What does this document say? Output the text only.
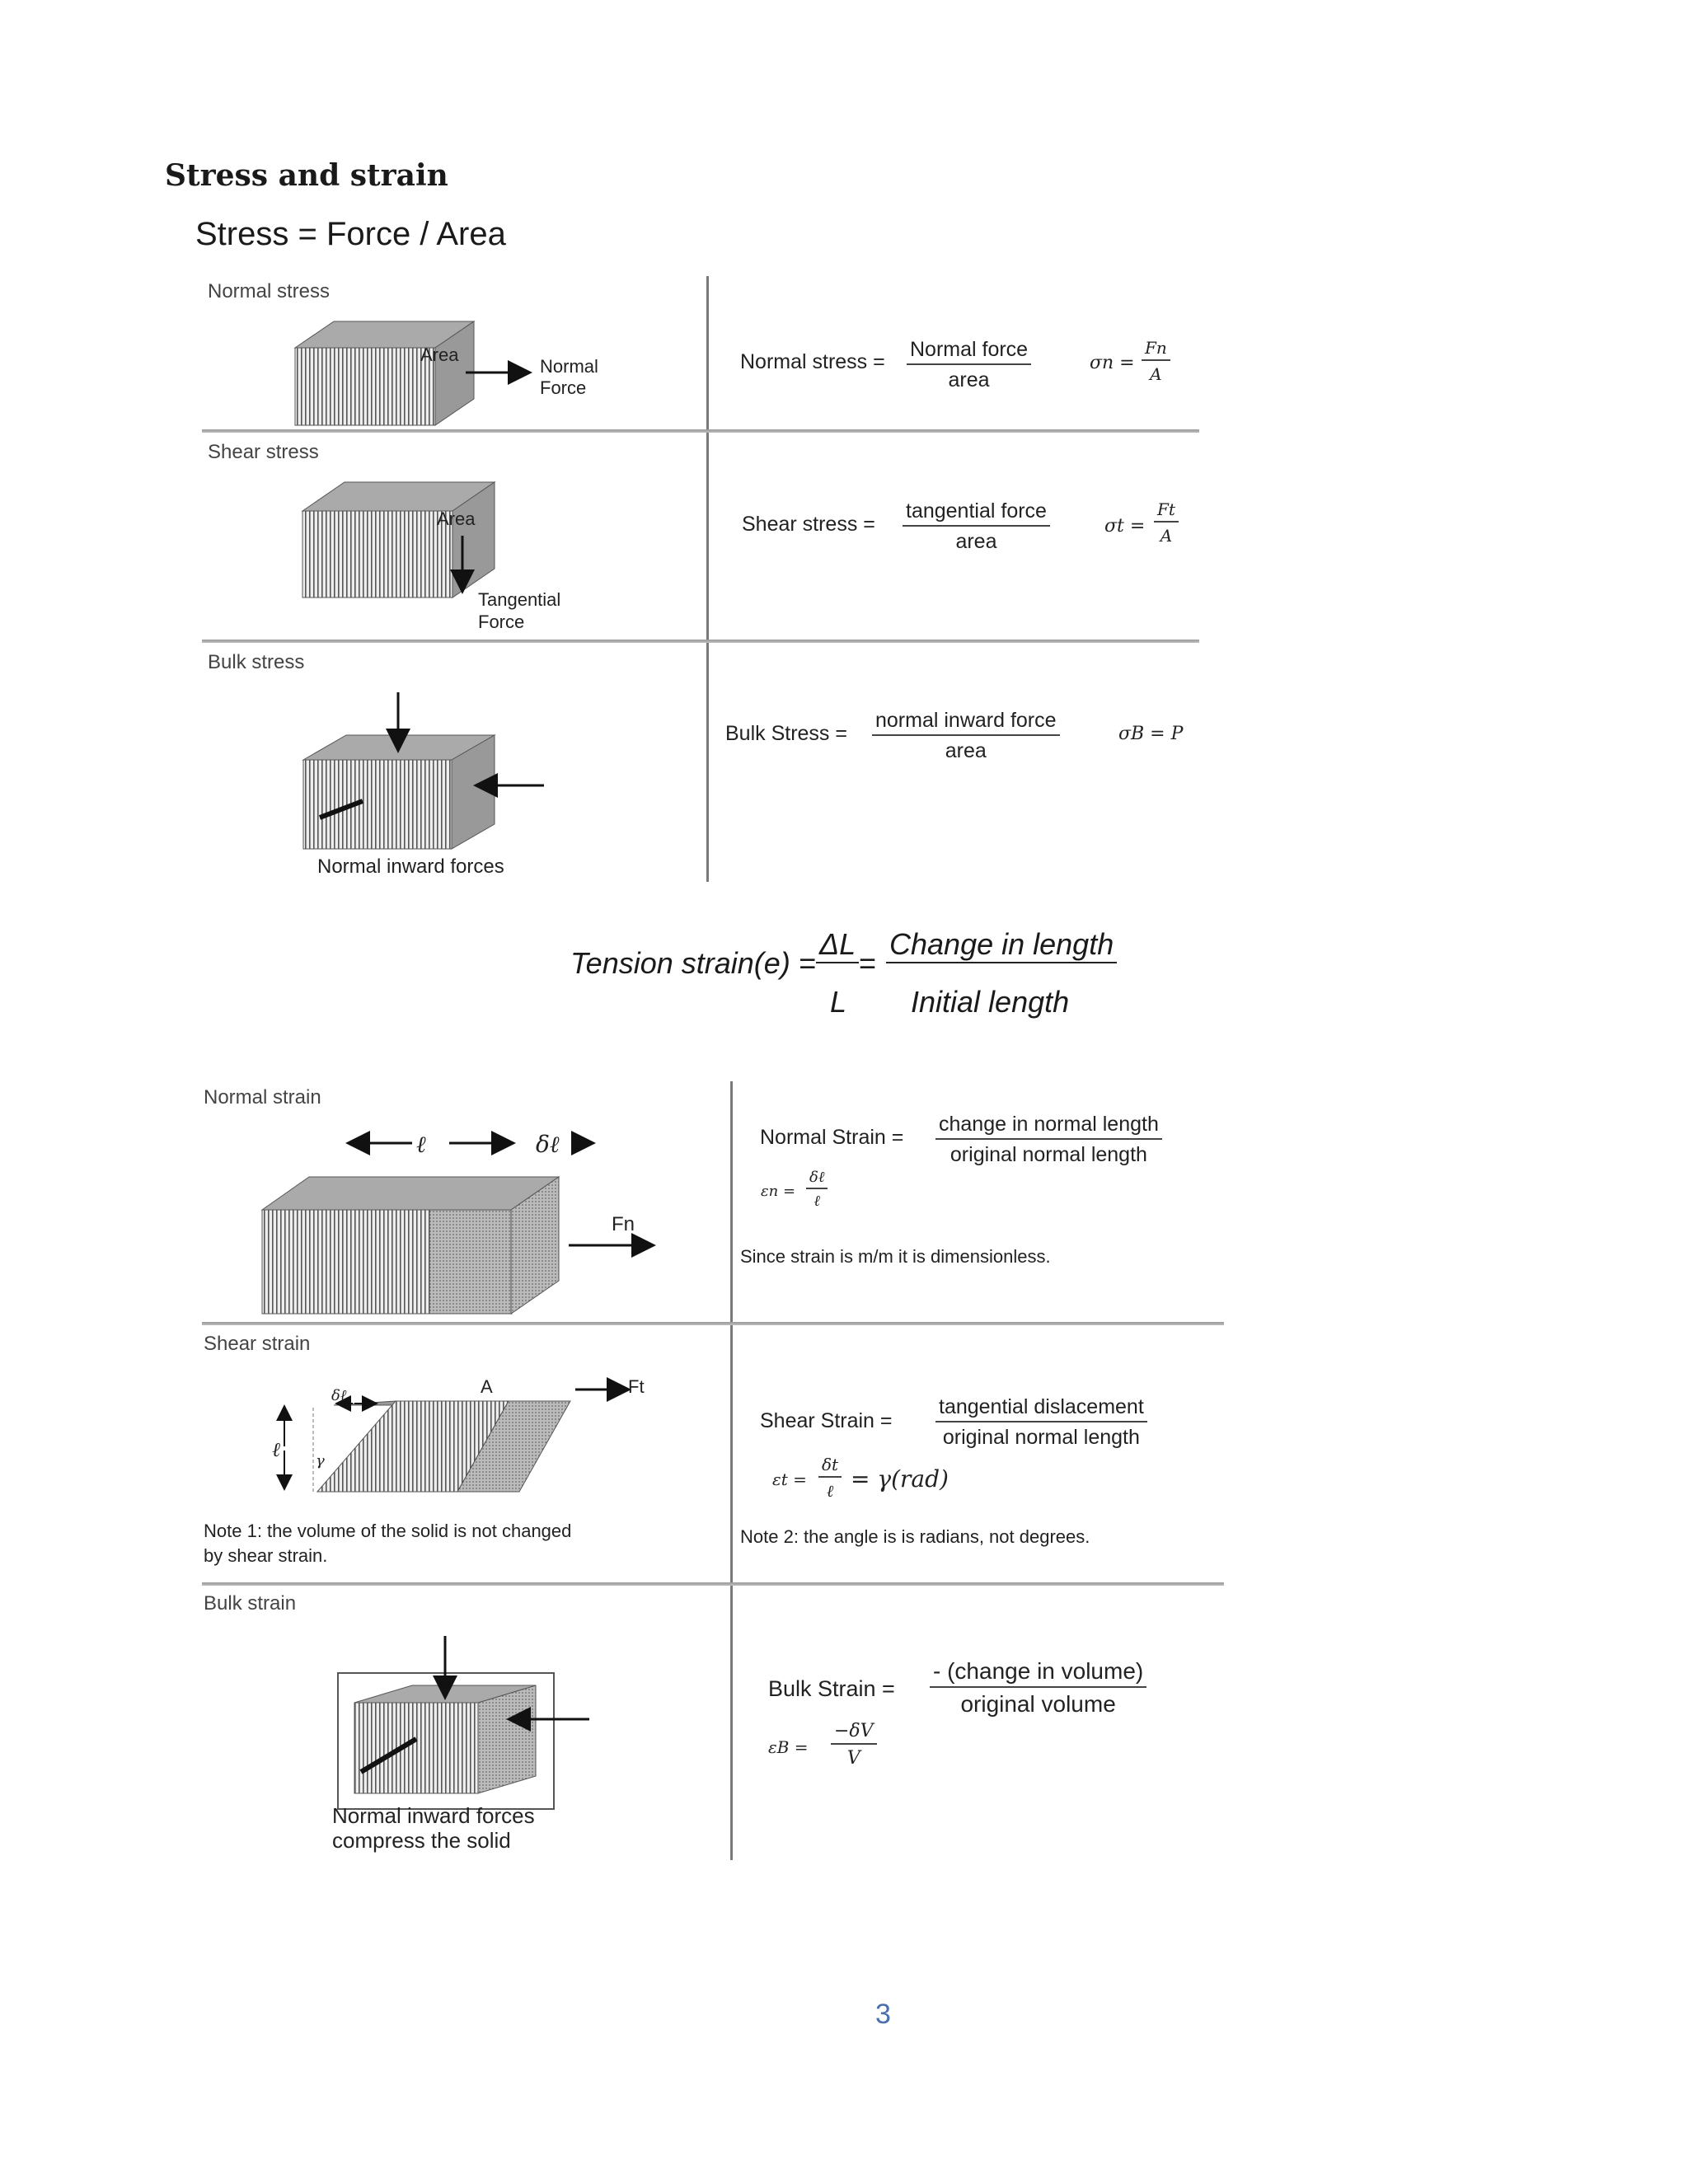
Stress and strain
Stress = Force / Area
Normal stress
Area
Normal
Force
Normal stress =
Normal force
area
$\sigma n = \frac{Fn}{A}$
Shear stress
Area
Tangential
Force
Shear stress =
tangential force
area
$\sigma t = \frac{Ft}{A}$
Bulk stress
Normal inward forces
Bulk Stress =
normal inward force
area
σB = P
Tension strain(e) =
ΔL
L
=
Change in length
Initial length
Normal strain
ℓ	δℓ
Fn
Normal Strain =
change in normal length
original normal length
εn =
δℓ
ℓ
Since strain is m/m it is dimensionless.
Shear strain
A	Ft
δℓ
ℓ γ
Note 1: the volume of the solid is not changed
by shear strain.
Shear Strain =
tangential dislacement
original normal length
εt =
δt
ℓ = γ(rad)
Note 2: the angle is is radians, not degrees.
Bulk strain
Normal inward forces
compress the solid
Bulk Strain =
- (change in volume)
original volume
$\varepsilon B = \frac{-\delta V}{V}$
3
